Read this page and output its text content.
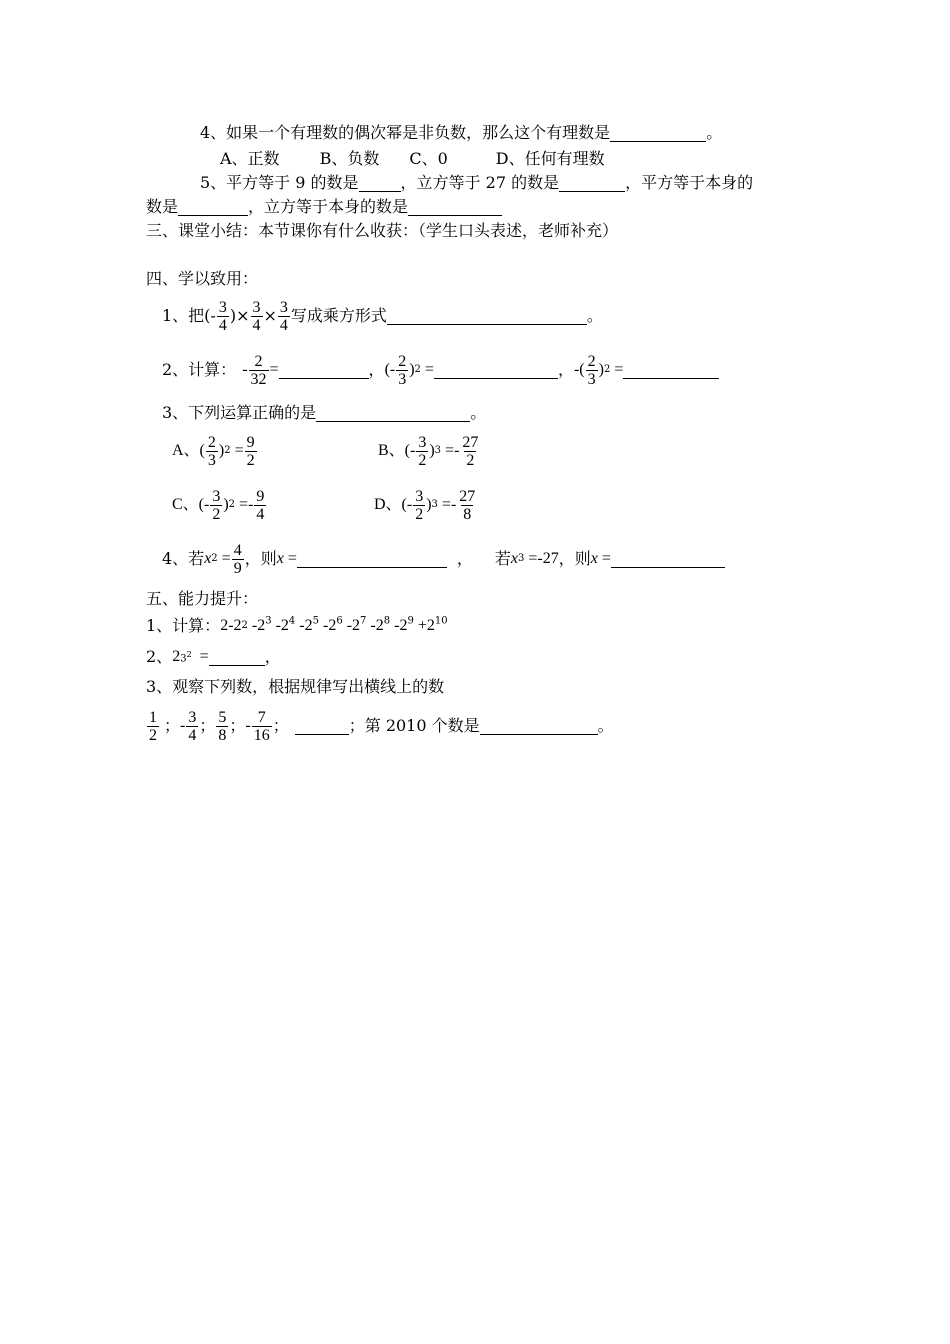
4、如果一个有理数的偶次幂是非负数，那么这个有理数是	。
A、正数	B、负数 C、0	D、任何有理数
5、平方等于 9 的数是	，立方等于 27 的数是	，平方等于本身的
数是	，立方等于本身的数是
三、课堂小结：本节课你有什么收获：（学生口头表述，老师补充）
四、学以致用：
1、把(- $\frac{3}{4}$ )× $\frac{3}{4} \times \frac{3}{4}$ 写成乘方形式	。
2、计算： - $\frac{2}{32}$ =	， (- $\frac{2}{3}$ ) 2 =	， -( $\frac{2}{3}$ ) 2 =
3、下列运算正确的是	。
A、( $\frac{2}{3}$ ) $2 = \frac{9}{2}$	B、(- $\frac{3}{2}$ ) $3 =- \frac{27}{2}$
C、(- $\frac{3}{2}$ ) $2 =- \frac{9}{4}$	D、(- $\frac{3}{2}$ ) $3 =- \frac{27}{8}$
4、若 x $2 = \frac{4}{9}$ ，则 x =	， 若 x 3 =-27 ，则 x =
五、能力提升：
1、计算： 2-2 2 $-2^3$ $-2^4$ $-2^5$ $-2^6$ $-2^7$ $-2^8$ $-2^9 +2^{10}$
2、 2 $3^2$ =	，
3、观察下列数，根据规律写出横线上的数
$\frac{1}{2}$ ； - $\frac{3}{4}$ ； $\frac{5}{8}$ ； - $\frac{7}{16}$ ；	； 第 2010 个数是	。
